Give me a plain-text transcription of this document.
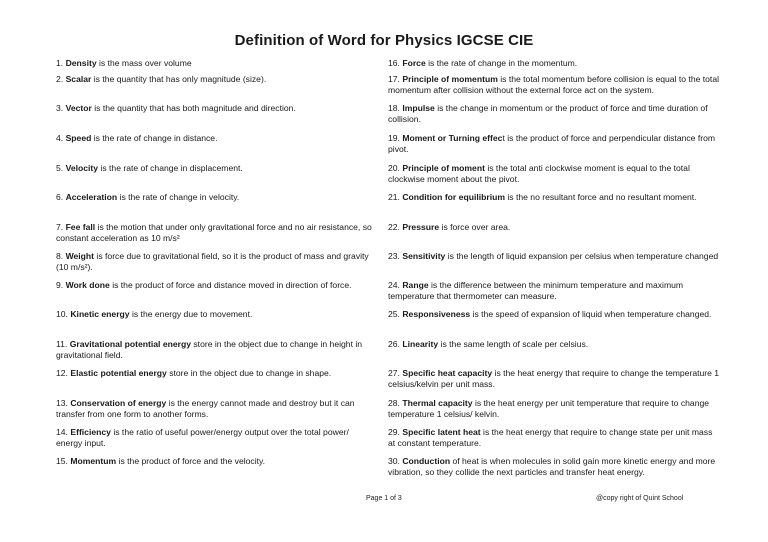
Definition of Word for Physics IGCSE CIE
1. Density is the mass over volume
2. Scalar is the quantity that has only magnitude (size).
3. Vector is the quantity that has both magnitude and direction.
4. Speed is the rate of change in distance.
5. Velocity is the rate of change in displacement.
6. Acceleration is the rate of change in velocity.
7. Fee fall is the motion that under only gravitational force and no air resistance, so constant acceleration as 10 m/s²
8. Weight is force due to gravitational field, so it is the product of mass and gravity (10 m/s²).
9. Work done is the product of force and distance moved in direction of force.
10. Kinetic energy is the energy due to movement.
11. Gravitational potential energy store in the object due to change in height in gravitational field.
12. Elastic potential energy store in the object due to change in shape.
13. Conservation of energy is the energy cannot made and destroy but it can transfer from one form to another forms.
14. Efficiency is the ratio of useful power/energy output over the total power/ energy input.
15. Momentum is the product of force and the velocity.
16. Force is the rate of change in the momentum.
17. Principle of momentum is the total momentum before collision is equal to the total momentum after collision without the external force act on the system.
18. Impulse is the change in momentum or the product of force and time duration of collision.
19. Moment or Turning effect is the product of force and perpendicular distance from pivot.
20. Principle of moment is the total anti clockwise moment is equal to the total clockwise moment about the pivot.
21. Condition for equilibrium is the no resultant force and no resultant moment.
22. Pressure is force over area.
23. Sensitivity is the length of liquid expansion per celsius when temperature changed
24. Range is the difference between the minimum temperature and maximum temperature that thermometer can measure.
25. Responsiveness is the speed of expansion of liquid when temperature changed.
26. Linearity is the same length of scale per celsius.
27. Specific heat capacity is the heat energy that require to change the temperature 1 celsius/kelvin per unit mass.
28. Thermal capacity is the heat energy per unit temperature that require to change temperature 1 celsius/ kelvin.
29. Specific latent heat is the heat energy that require to change state per unit mass at constant temperature.
30. Conduction of heat is when molecules in solid gain more kinetic energy and more vibration, so they collide the next particles and transfer heat energy.
Page 1 of 3	@copy right of Quint School
